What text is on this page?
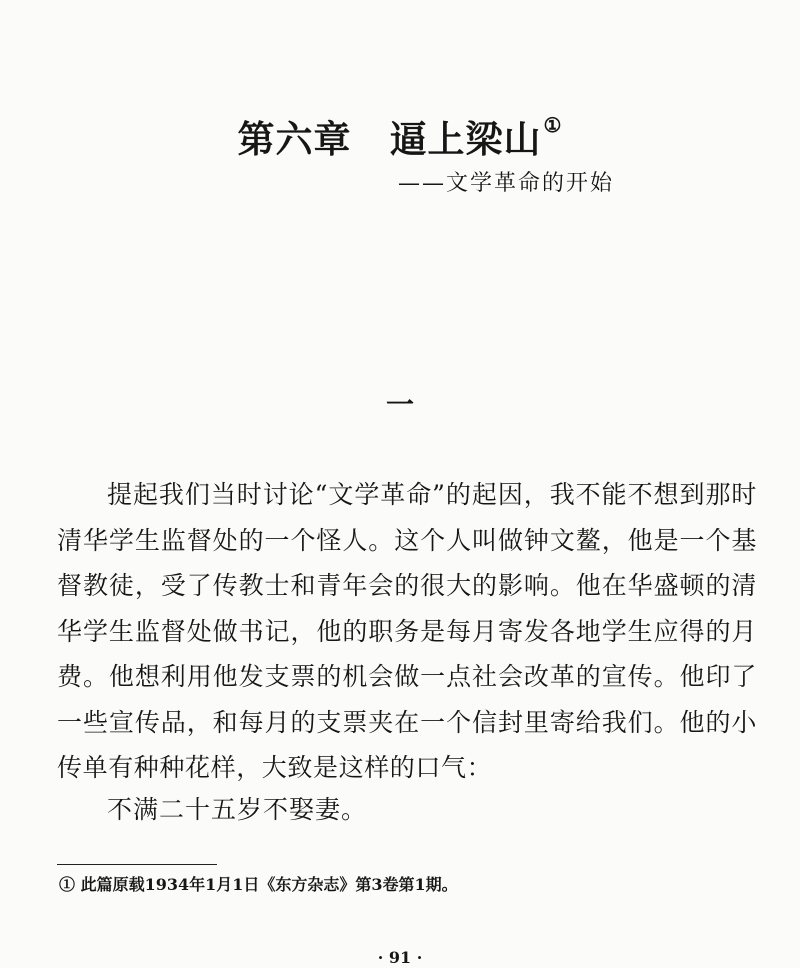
第六章 逼上梁山 ①
——文学革命的开始
一

提起我们当时讨论“文学革命”的起因，我不能不想到那时清华学生监督处的一个怪人。这个人叫做钟文鳌，他是一个基督教徒，受了传教士和青年会的很大的影响。他在华盛顿的清华学生监督处做书记，他的职务是每月寄发各地学生应得的月费。他想利用他发支票的机会做一点社会改革的宣传。他印了一些宣传品，和每月的支票夹在一个信封里寄给我们。他的小传单有种种花样，大致是这样的口气：

不满二十五岁不娶妻。
① 此篇原载1934年1月1日《东方杂志》第3卷第1期。
· 91 ·
